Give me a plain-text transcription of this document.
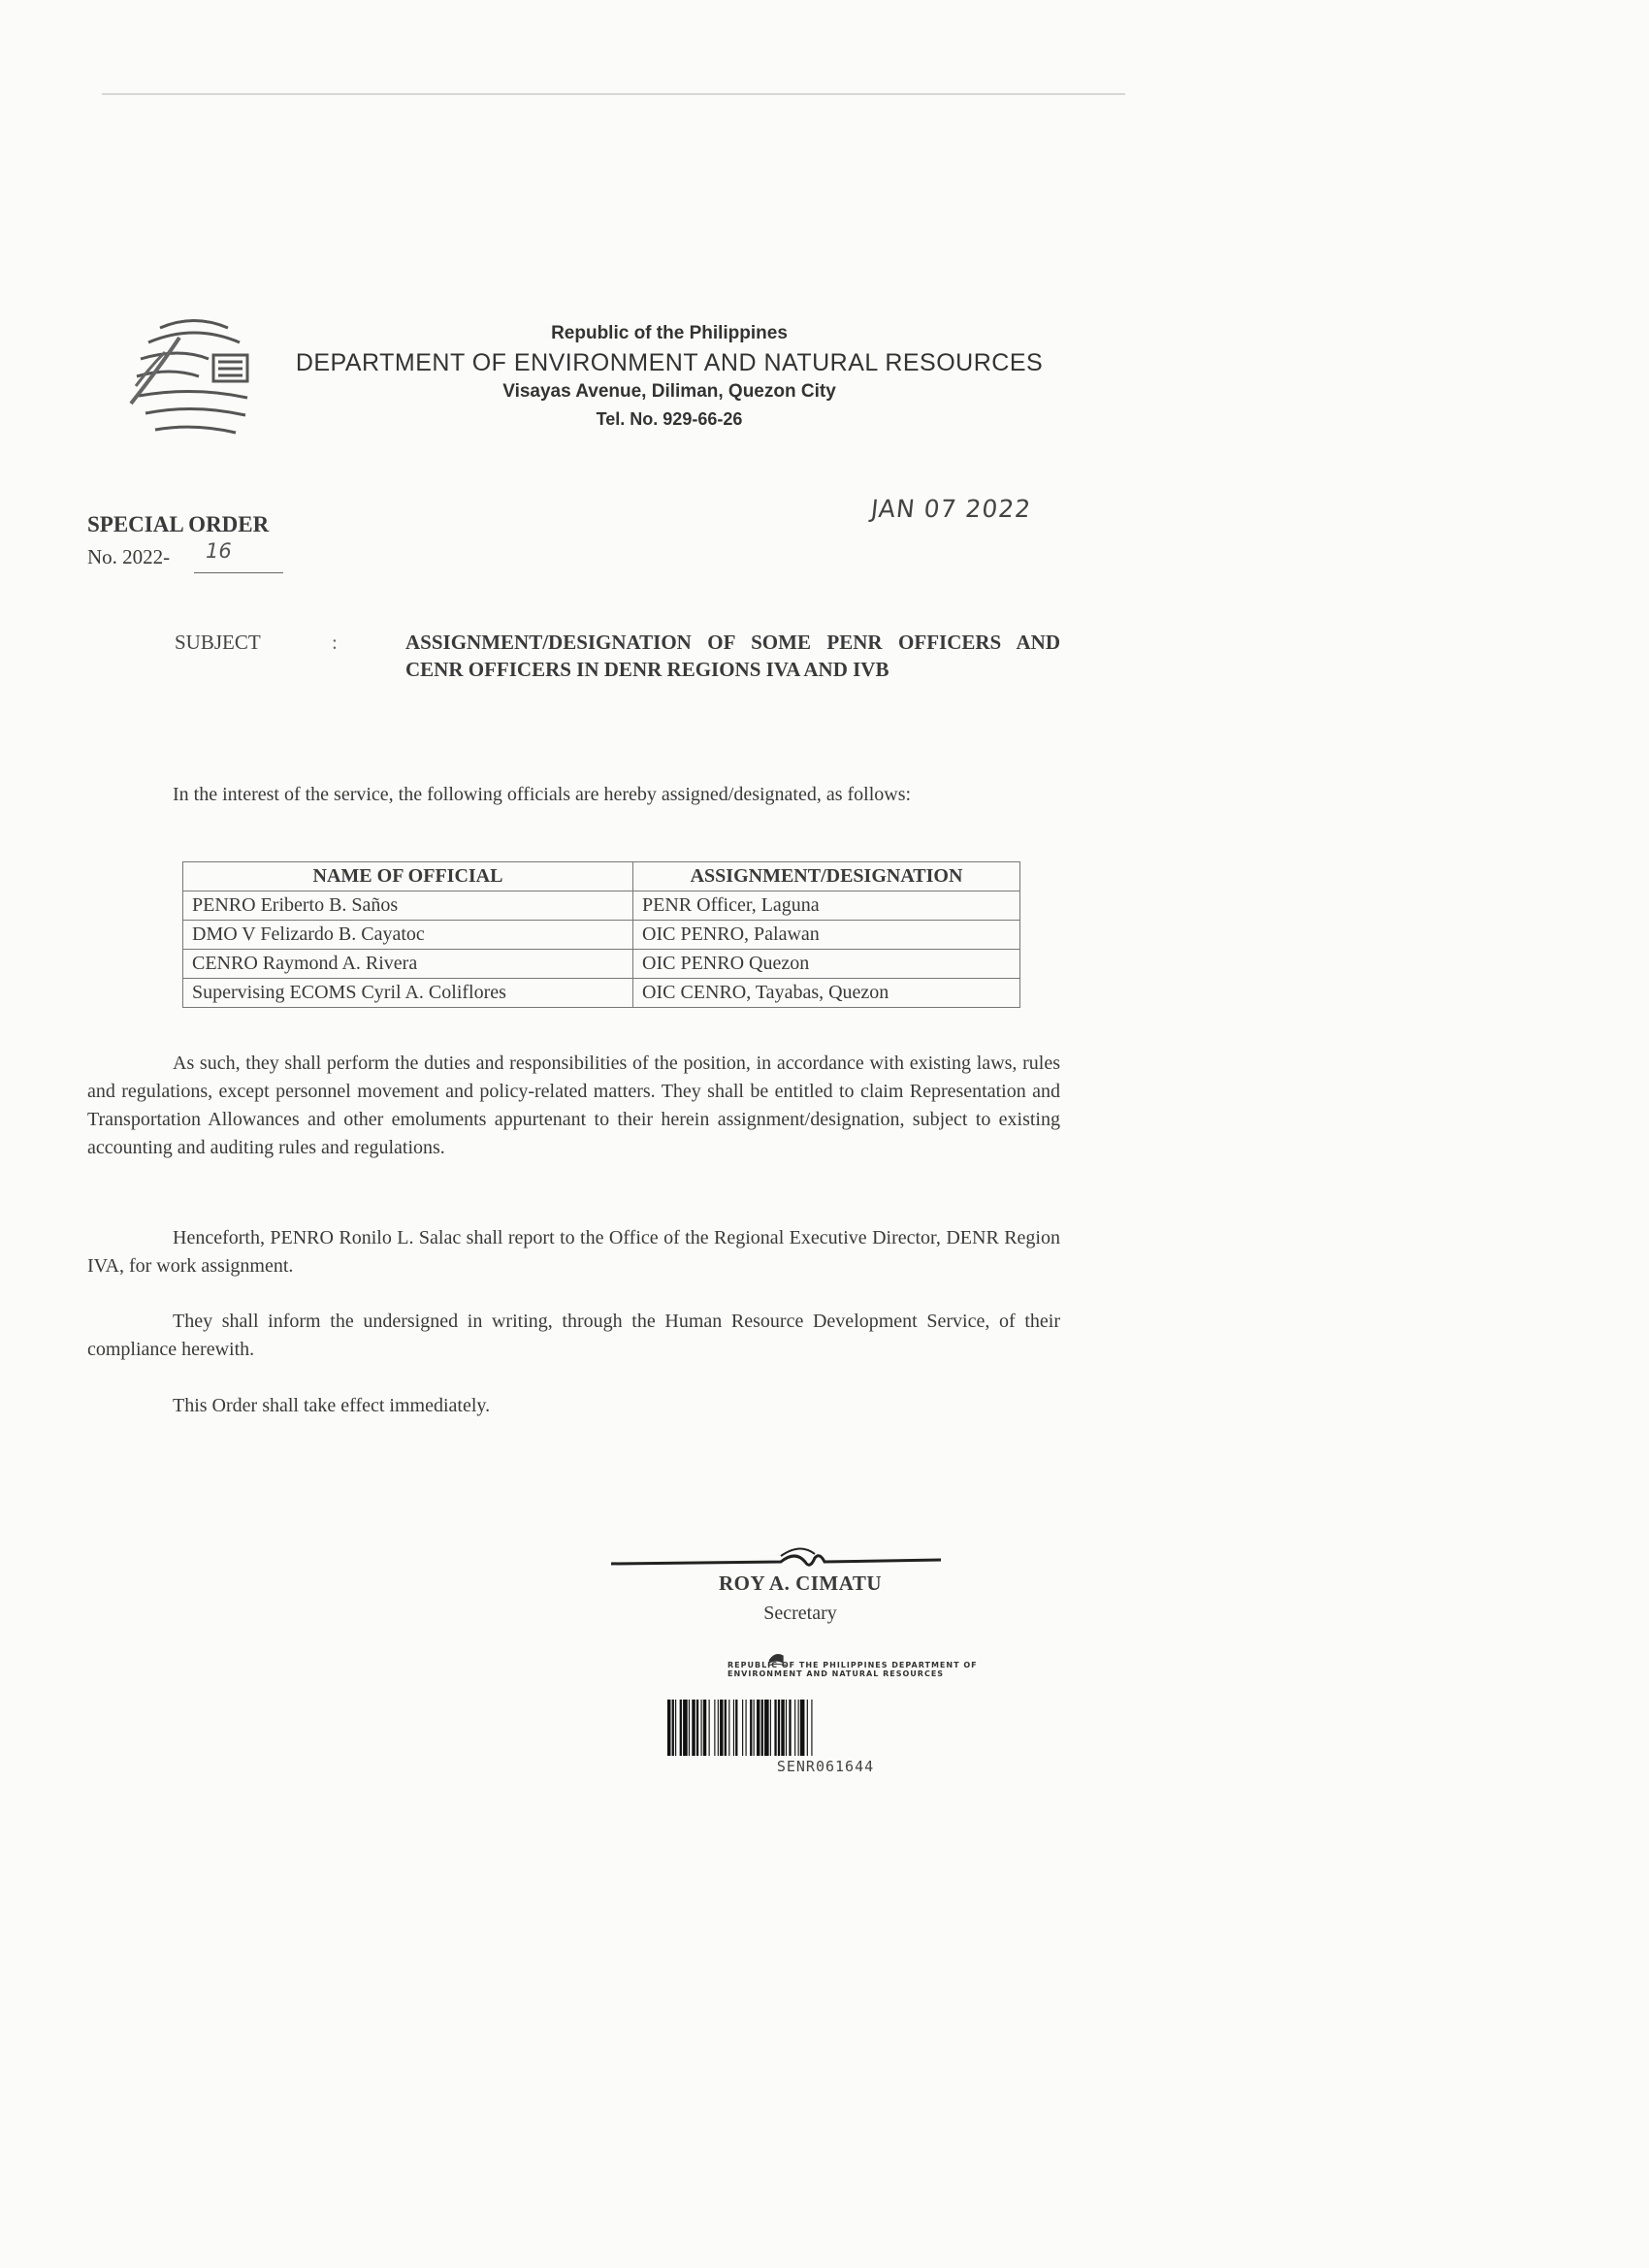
Republic of the Philippines
DEPARTMENT OF ENVIRONMENT AND NATURAL RESOURCES
Visayas Avenue, Diliman, Quezon City
Tel. No. 929-66-26
JAN 07 2022
SPECIAL ORDER
No. 2022- 16
SUBJECT	:	ASSIGNMENT/DESIGNATION OF SOME PENR OFFICERS AND CENR OFFICERS IN DENR REGIONS IVA AND IVB
In the interest of the service, the following officials are hereby assigned/designated, as follows:
NAME OF OFFICIAL	ASSIGNMENT/DESIGNATION
PENRO Eriberto B. Saños	PENR Officer, Laguna
DMO V Felizardo B. Cayatoc	OIC PENRO, Palawan
CENRO Raymond A. Rivera	OIC PENRO Quezon
Supervising ECOMS Cyril A. Coliflores	OIC CENRO, Tayabas, Quezon
As such, they shall perform the duties and responsibilities of the position, in accordance with existing laws, rules and regulations, except personnel movement and policy-related matters. They shall be entitled to claim Representation and Transportation Allowances and other emoluments appurtenant to their herein assignment/designation, subject to existing accounting and auditing rules and regulations.
Henceforth, PENRO Ronilo L. Salac shall report to the Office of the Regional Executive Director, DENR Region IVA, for work assignment.
They shall inform the undersigned in writing, through the Human Resource Development Service, of their compliance herewith.
This Order shall take effect immediately.
ROY A. CIMATU
Secretary
REPUBLIC OF THE PHILIPPINES DEPARTMENT OF ENVIRONMENT AND NATURAL RESOURCES
SENR061644
